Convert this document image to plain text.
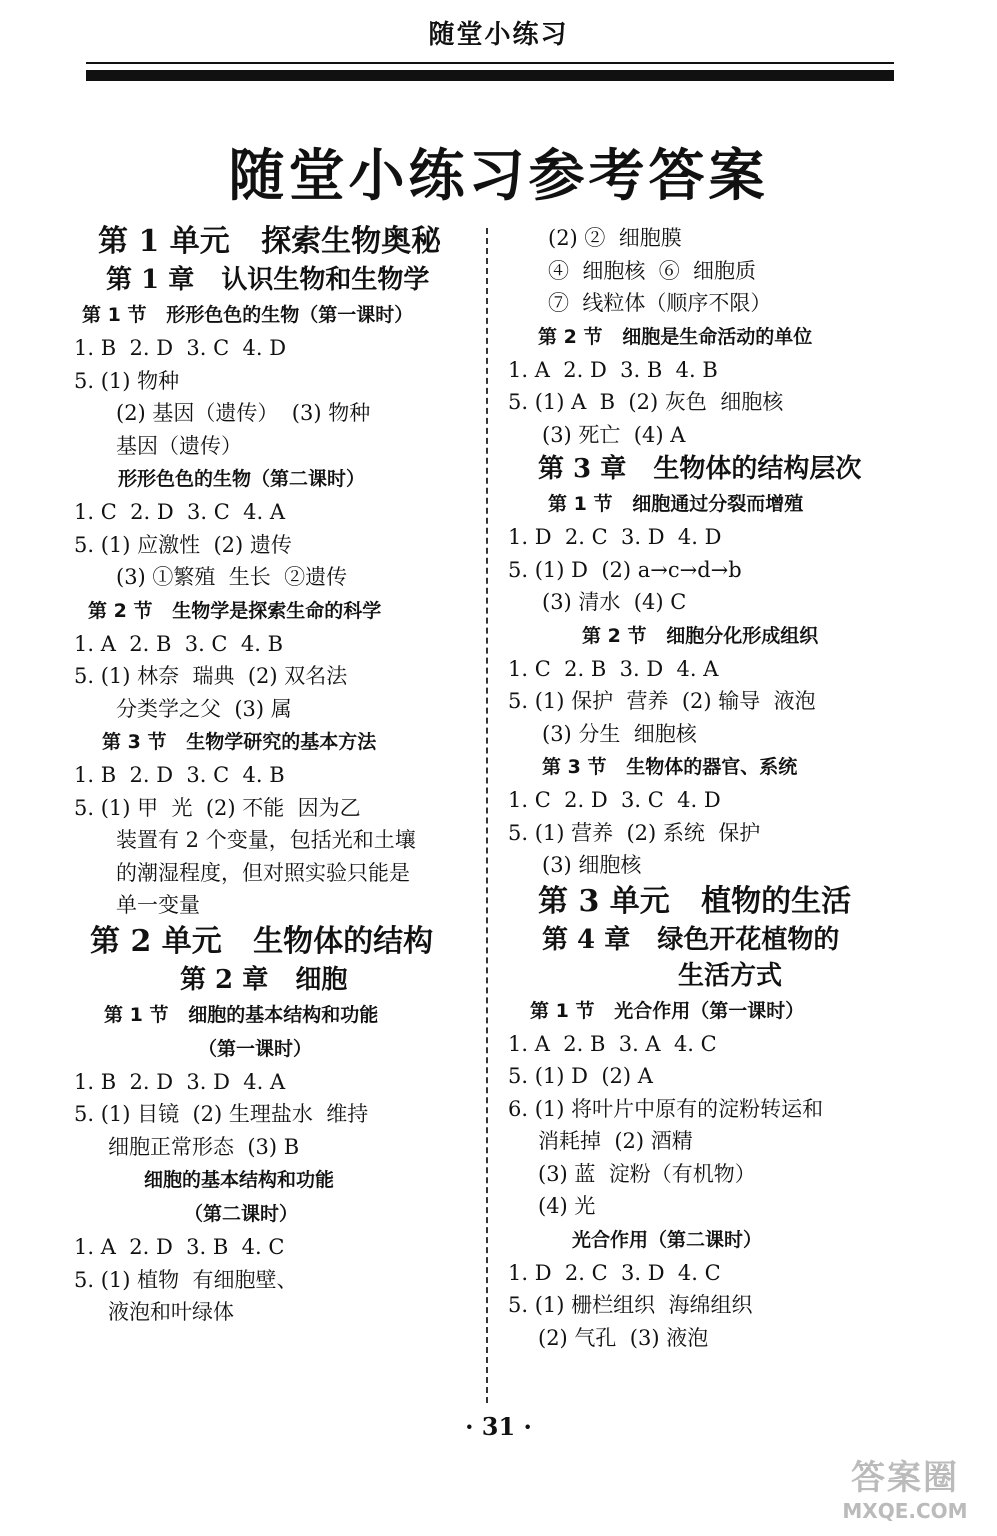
随堂小练习
随堂小练习参考答案
第 1 单元   探索生物奥秘
第 1 章   认识生物和生物学
第 1 节   形形色色的生物（第一课时）
1. B  2. D  3. C  4. D
5. (1) 物种
(2) 基因（遗传）  (3) 物种
基因（遗传）
形形色色的生物（第二课时）
1. C  2. D  3. C  4. A
5. (1) 应激性  (2) 遗传
(3) ①繁殖  生长  ②遗传
第 2 节   生物学是探索生命的科学
1. A  2. B  3. C  4. B
5. (1) 林奈  瑞典  (2) 双名法
分类学之父  (3) 属
第 3 节   生物学研究的基本方法
1. B  2. D  3. C  4. B
5. (1) 甲  光  (2) 不能  因为乙
装置有 2 个变量，包括光和土壤
的潮湿程度，但对照实验只能是
单一变量
第 2 单元   生物体的结构
第 2 章   细胞
第 1 节   细胞的基本结构和功能
（第一课时）
1. B  2. D  3. D  4. A
5. (1) 目镜  (2) 生理盐水  维持
细胞正常形态  (3) B
细胞的基本结构和功能
（第二课时）
1. A  2. D  3. B  4. C
5. (1) 植物  有细胞壁、
液泡和叶绿体
(2) ②  细胞膜
④  细胞核  ⑥  细胞质
⑦  线粒体（顺序不限）
第 2 节   细胞是生命活动的单位
1. A  2. D  3. B  4. B
5. (1) A  B  (2) 灰色  细胞核
(3) 死亡  (4) A
第 3 章   生物体的结构层次
第 1 节   细胞通过分裂而增殖
1. D  2. C  3. D  4. D
5. (1) D  (2) a→c→d→b
(3) 清水  (4) C
第 2 节   细胞分化形成组织
1. C  2. B  3. D  4. A
5. (1) 保护  营养  (2) 输导  液泡
(3) 分生  细胞核
第 3 节   生物体的器官、系统
1. C  2. D  3. C  4. D
5. (1) 营养  (2) 系统  保护
(3) 细胞核
第 3 单元   植物的生活
第 4 章   绿色开花植物的
生活方式
第 1 节   光合作用（第一课时）
1. A  2. B  3. A  4. C
5. (1) D  (2) A
6. (1) 将叶片中原有的淀粉转运和
消耗掉  (2) 酒精
(3) 蓝  淀粉（有机物）
(4) 光
光合作用（第二课时）
1. D  2. C  3. D  4. C
5. (1) 栅栏组织  海绵组织
(2) 气孔  (3) 液泡
· 31 ·
答案圈
MXQE.COM
